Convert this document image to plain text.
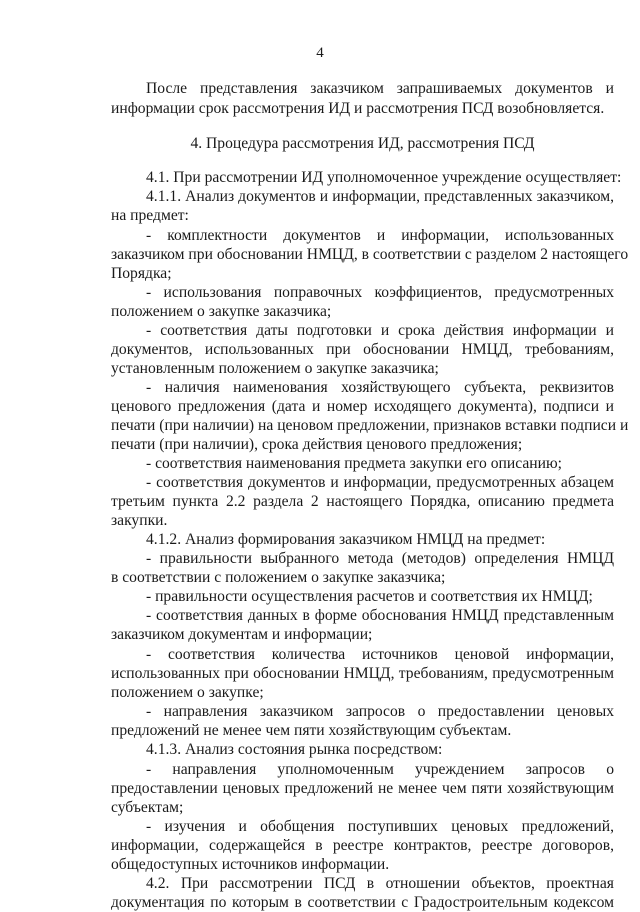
4
После представления заказчиком запрашиваемых документов и
информации срок рассмотрения ИД и рассмотрения ПСД возобновляется.
4. Процедура рассмотрения ИД, рассмотрения ПСД
4.1. При рассмотрении ИД уполномоченное учреждение осуществляет:
4.1.1. Анализ документов и информации, представленных заказчиком,
на предмет:
- комплектности документов и информации, использованных
заказчиком при обосновании НМЦД, в соответствии с разделом 2 настоящего
Порядка;
- использования поправочных коэффициентов, предусмотренных
положением о закупке заказчика;
- соответствия даты подготовки и срока действия информации и
документов, использованных при обосновании НМЦД, требованиям,
установленным положением о закупке заказчика;
- наличия наименования хозяйствующего субъекта, реквизитов
ценового предложения (дата и номер исходящего документа), подписи и
печати (при наличии) на ценовом предложении, признаков вставки подписи и
печати (при наличии), срока действия ценового предложения;
- соответствия наименования предмета закупки его описанию;
- соответствия документов и информации, предусмотренных абзацем
третьим пункта 2.2 раздела 2 настоящего Порядка, описанию предмета
закупки.
4.1.2. Анализ формирования заказчиком НМЦД на предмет:
- правильности выбранного метода (методов) определения НМЦД
в соответствии с положением о закупке заказчика;
- правильности осуществления расчетов и соответствия их НМЦД;
- соответствия данных в форме обоснования НМЦД представленным
заказчиком документам и информации;
- соответствия количества источников ценовой информации,
использованных при обосновании НМЦД, требованиям, предусмотренным
положением о закупке;
- направления заказчиком запросов о предоставлении ценовых
предложений не менее чем пяти хозяйствующим субъектам.
4.1.3. Анализ состояния рынка посредством:
- направления уполномоченным учреждением запросов о
предоставлении ценовых предложений не менее чем пяти хозяйствующим
субъектам;
- изучения и обобщения поступивших ценовых предложений,
информации, содержащейся в реестре контрактов, реестре договоров,
общедоступных источников информации.
4.2. При рассмотрении ПСД в отношении объектов, проектная
документация по которым в соответствии с Градостроительным кодексом
